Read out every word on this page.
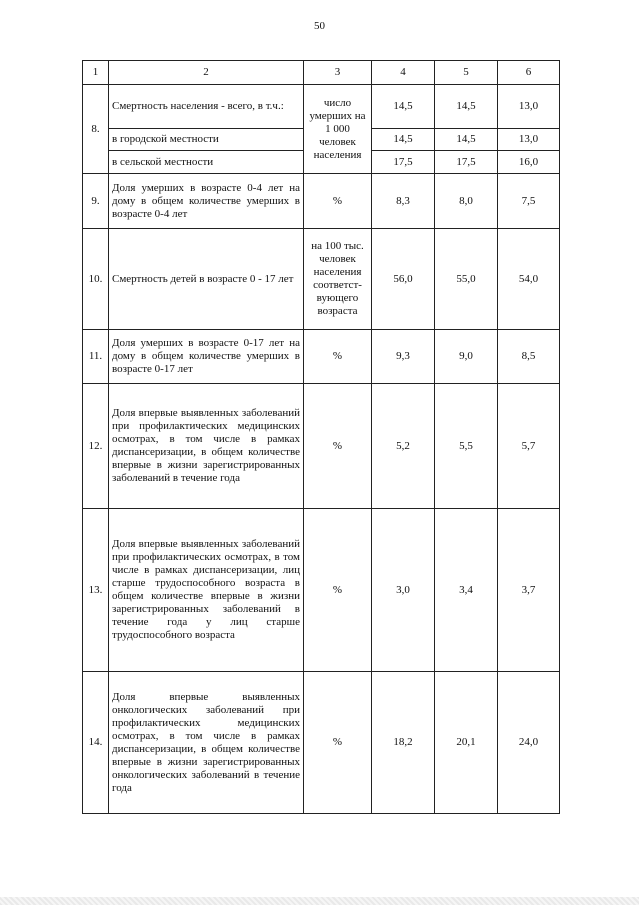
50
1	2	3	4	5	6
8.	Смертность населения - всего, в т.ч.:	число умерших на 1 000 человек населения	14,5	14,5	13,0
	в городской местности		14,5	14,5	13,0
	в сельской местности		17,5	17,5	16,0
9.	Доля умерших в возрасте 0-4 лет на дому в общем количестве умерших в возрасте 0-4 лет	%	8,3	8,0	7,5
10.	Смертность детей в возрасте 0 - 17 лет	на 100 тыс. человек населения соответст-вующего возраста	56,0	55,0	54,0
11.	Доля умерших в возрасте 0-17 лет на дому в общем количестве умерших в возрасте 0-17 лет	%	9,3	9,0	8,5
12.	Доля впервые выявленных заболеваний при профилактических медицинских осмотрах, в том числе в рамках диспансеризации, в общем количестве впервые в жизни зарегистрированных заболеваний в течение года	%	5,2	5,5	5,7
13.	Доля впервые выявленных заболеваний при профилактических осмотрах, в том числе в рамках диспансеризации, лиц старше трудоспособного возраста в общем количестве впервые в жизни зарегистрированных заболеваний в течение года у лиц старше трудоспособного возраста	%	3,0	3,4	3,7
14.	Доля впервые выявленных онкологических заболеваний при профилактических медицинских осмотрах, в том числе в рамках диспансеризации, в общем количестве впервые в жизни зарегистрированных онкологических заболеваний в течение года	%	18,2	20,1	24,0
